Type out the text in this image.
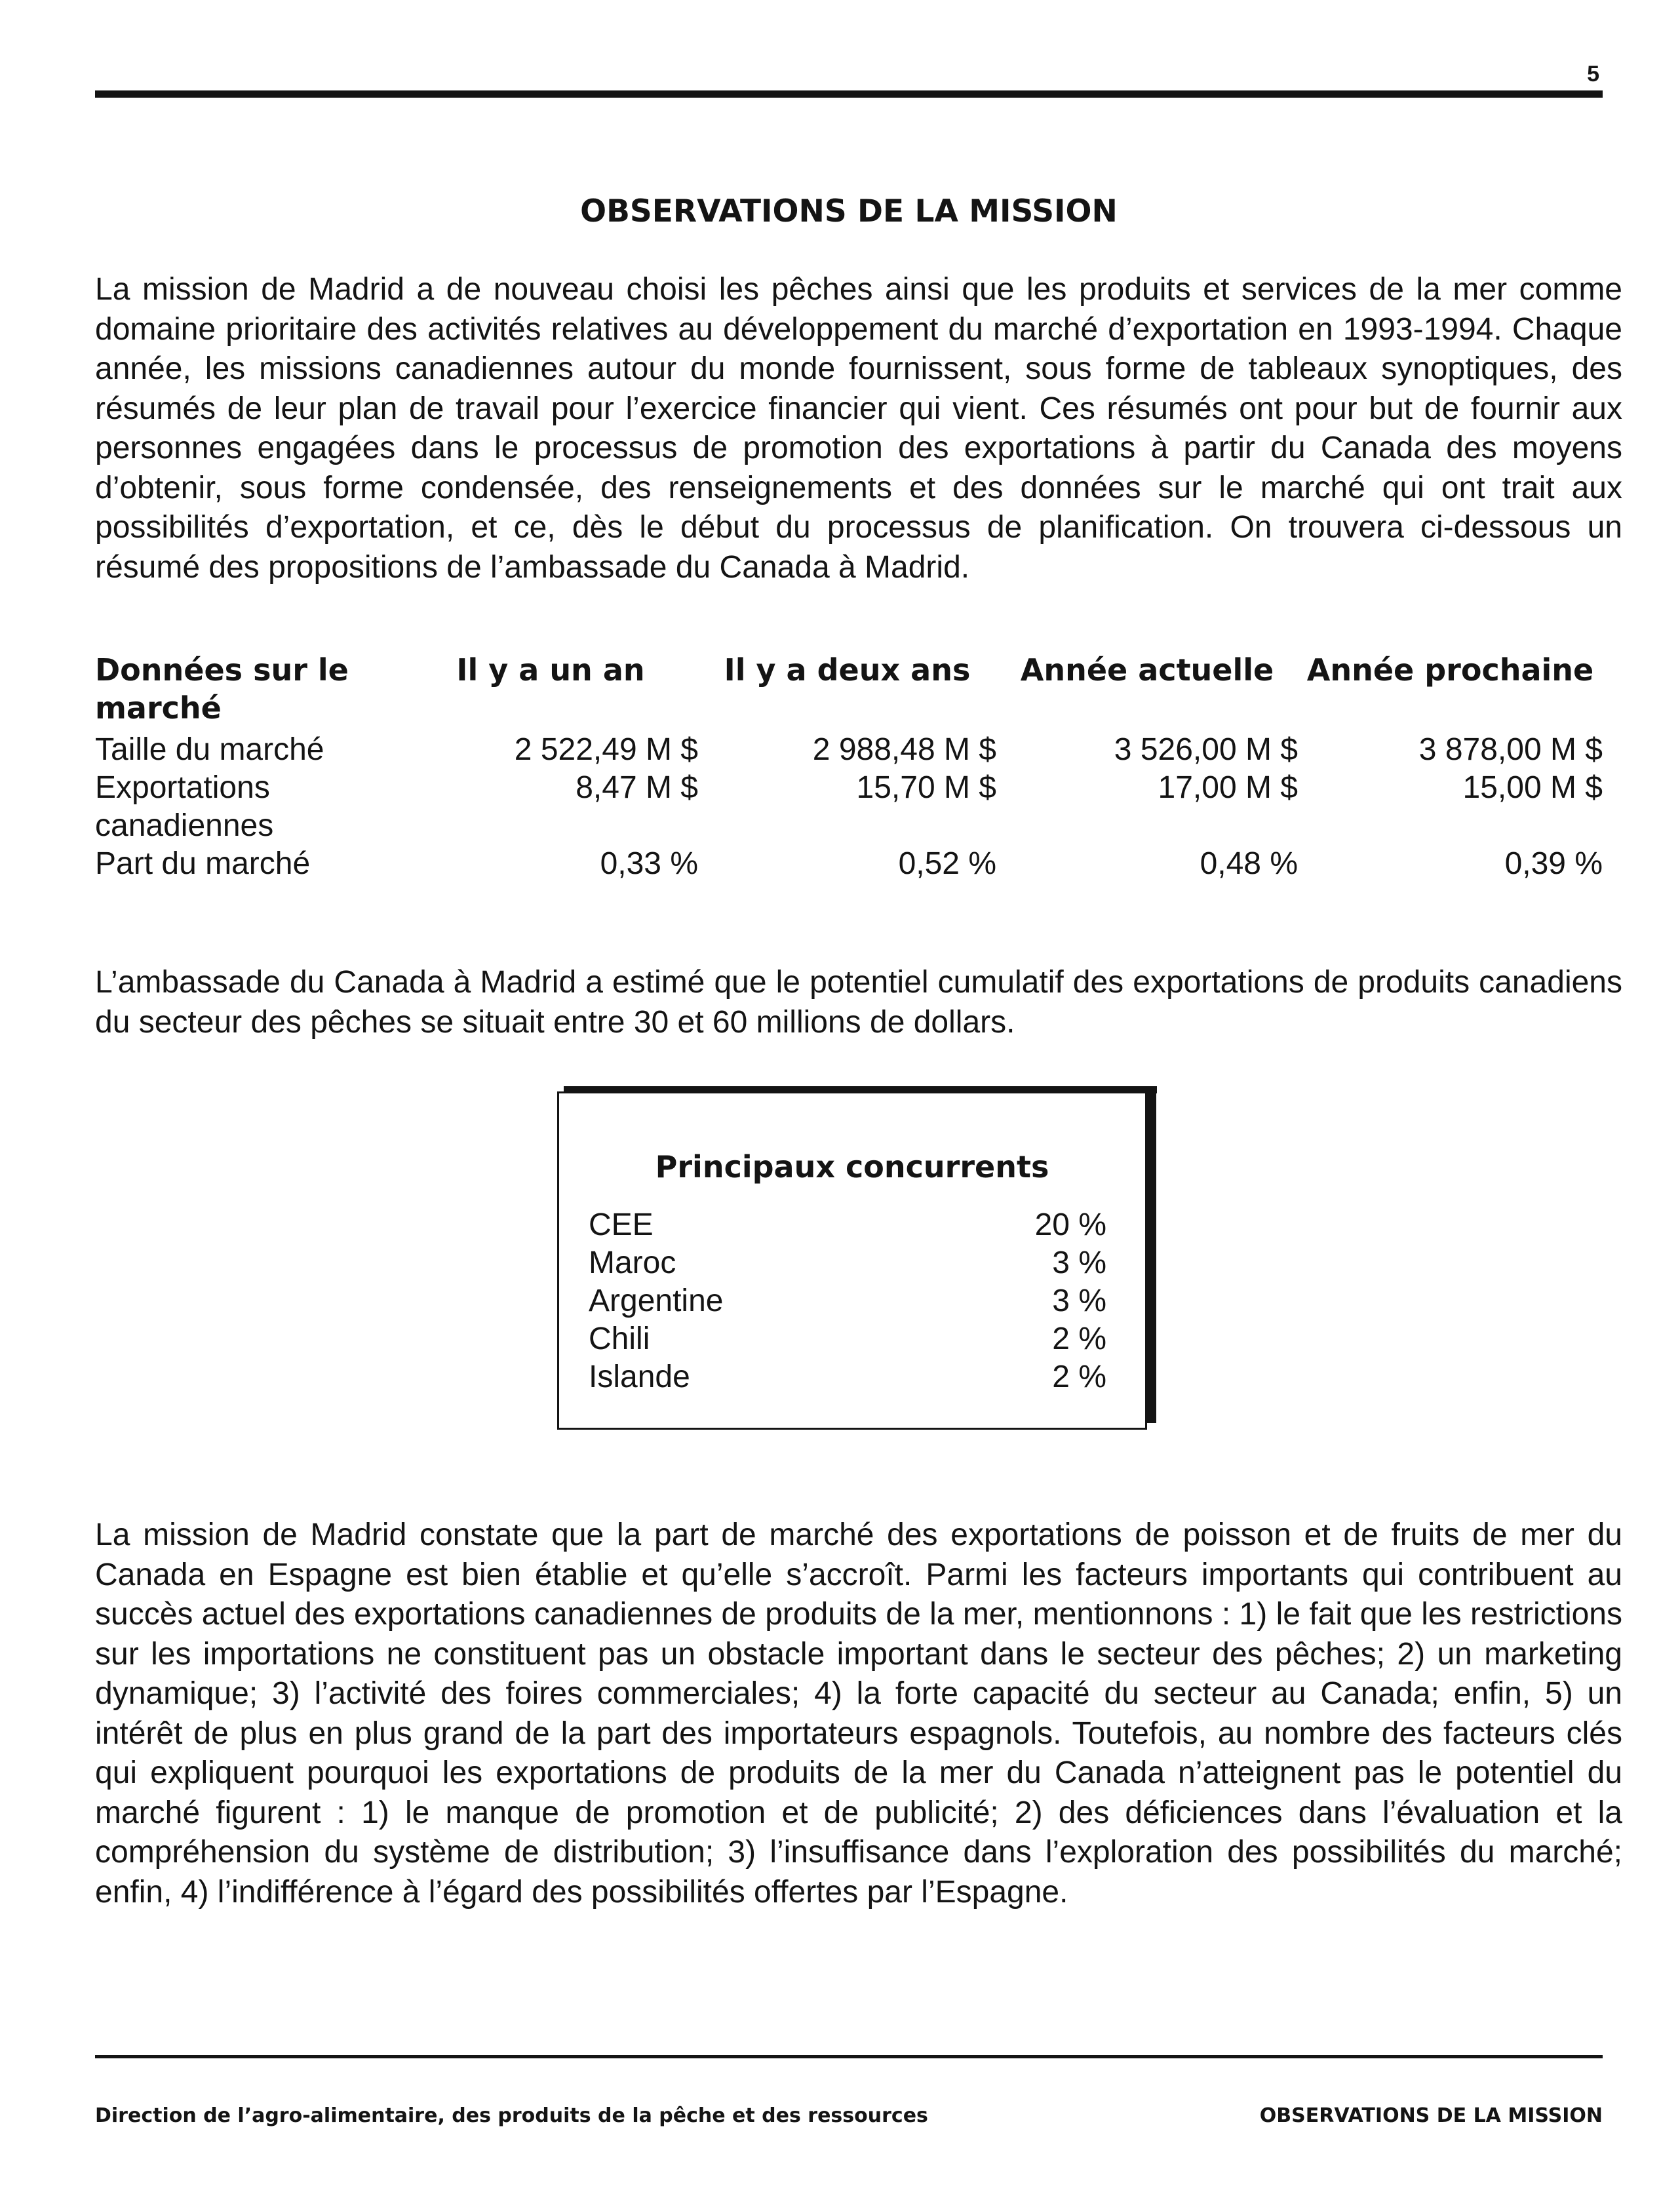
5
OBSERVATIONS DE LA MISSION

La mission de Madrid a de nouveau choisi les pêches ainsi que les produits et services de la mer comme domaine prioritaire des activités relatives au développement du marché d’exportation en 1993-1994. Chaque année, les missions canadiennes autour du monde fournissent, sous forme de tableaux synoptiques, des résumés de leur plan de travail pour l’exercice financier qui vient. Ces résumés ont pour but de fournir aux personnes engagées dans le processus de promotion des exportations à partir du Canada des moyens d’obtenir, sous forme condensée, des renseignements et des données sur le marché qui ont trait aux possibilités d’exportation, et ce, dès le début du processus de planification. On trouvera ci-dessous un résumé des propositions de l’ambassade du Canada à Madrid.

Données sur le marché	Il y a un an	Il y a deux ans	Année actuelle	Année prochaine
Taille du marché	2 522,49 M $	2 988,48 M $	3 526,00 M $	3 878,00 M $
Exportations canadiennes	8,47 M $	15,70 M $	17,00 M $	15,00 M $
Part du marché	0,33 %	0,52 %	0,48 %	0,39 %

L’ambassade du Canada à Madrid a estimé que le potentiel cumulatif des exportations de produits canadiens du secteur des pêches se situait entre 30 et 60 millions de dollars.

Principaux concurrents
CEE	20 %
Maroc	3 %
Argentine	3 %
Chili	2 %
Islande	2 %

La mission de Madrid constate que la part de marché des exportations de poisson et de fruits de mer du Canada en Espagne est bien établie et qu’elle s’accroît. Parmi les facteurs importants qui contribuent au succès actuel des exportations canadiennes de produits de la mer, mentionnons : 1) le fait que les restrictions sur les importations ne constituent pas un obstacle important dans le secteur des pêches; 2) un marketing dynamique; 3) l’activité des foires commerciales; 4) la forte capacité du secteur au Canada; enfin, 5) un intérêt de plus en plus grand de la part des importateurs espagnols. Toutefois, au nombre des facteurs clés qui expliquent pourquoi les exportations de produits de la mer du Canada n’atteignent pas le potentiel du marché figurent : 1) le manque de promotion et de publicité; 2) des déficiences dans l’évaluation et la compréhension du système de distribution; 3) l’insuffisance dans l’exploration des possibilités du marché; enfin, 4) l’indifférence à l’égard des possibilités offertes par l’Espagne.

Direction de l’agro-alimentaire, des produits de la pêche et des ressources	OBSERVATIONS DE LA MISSION
